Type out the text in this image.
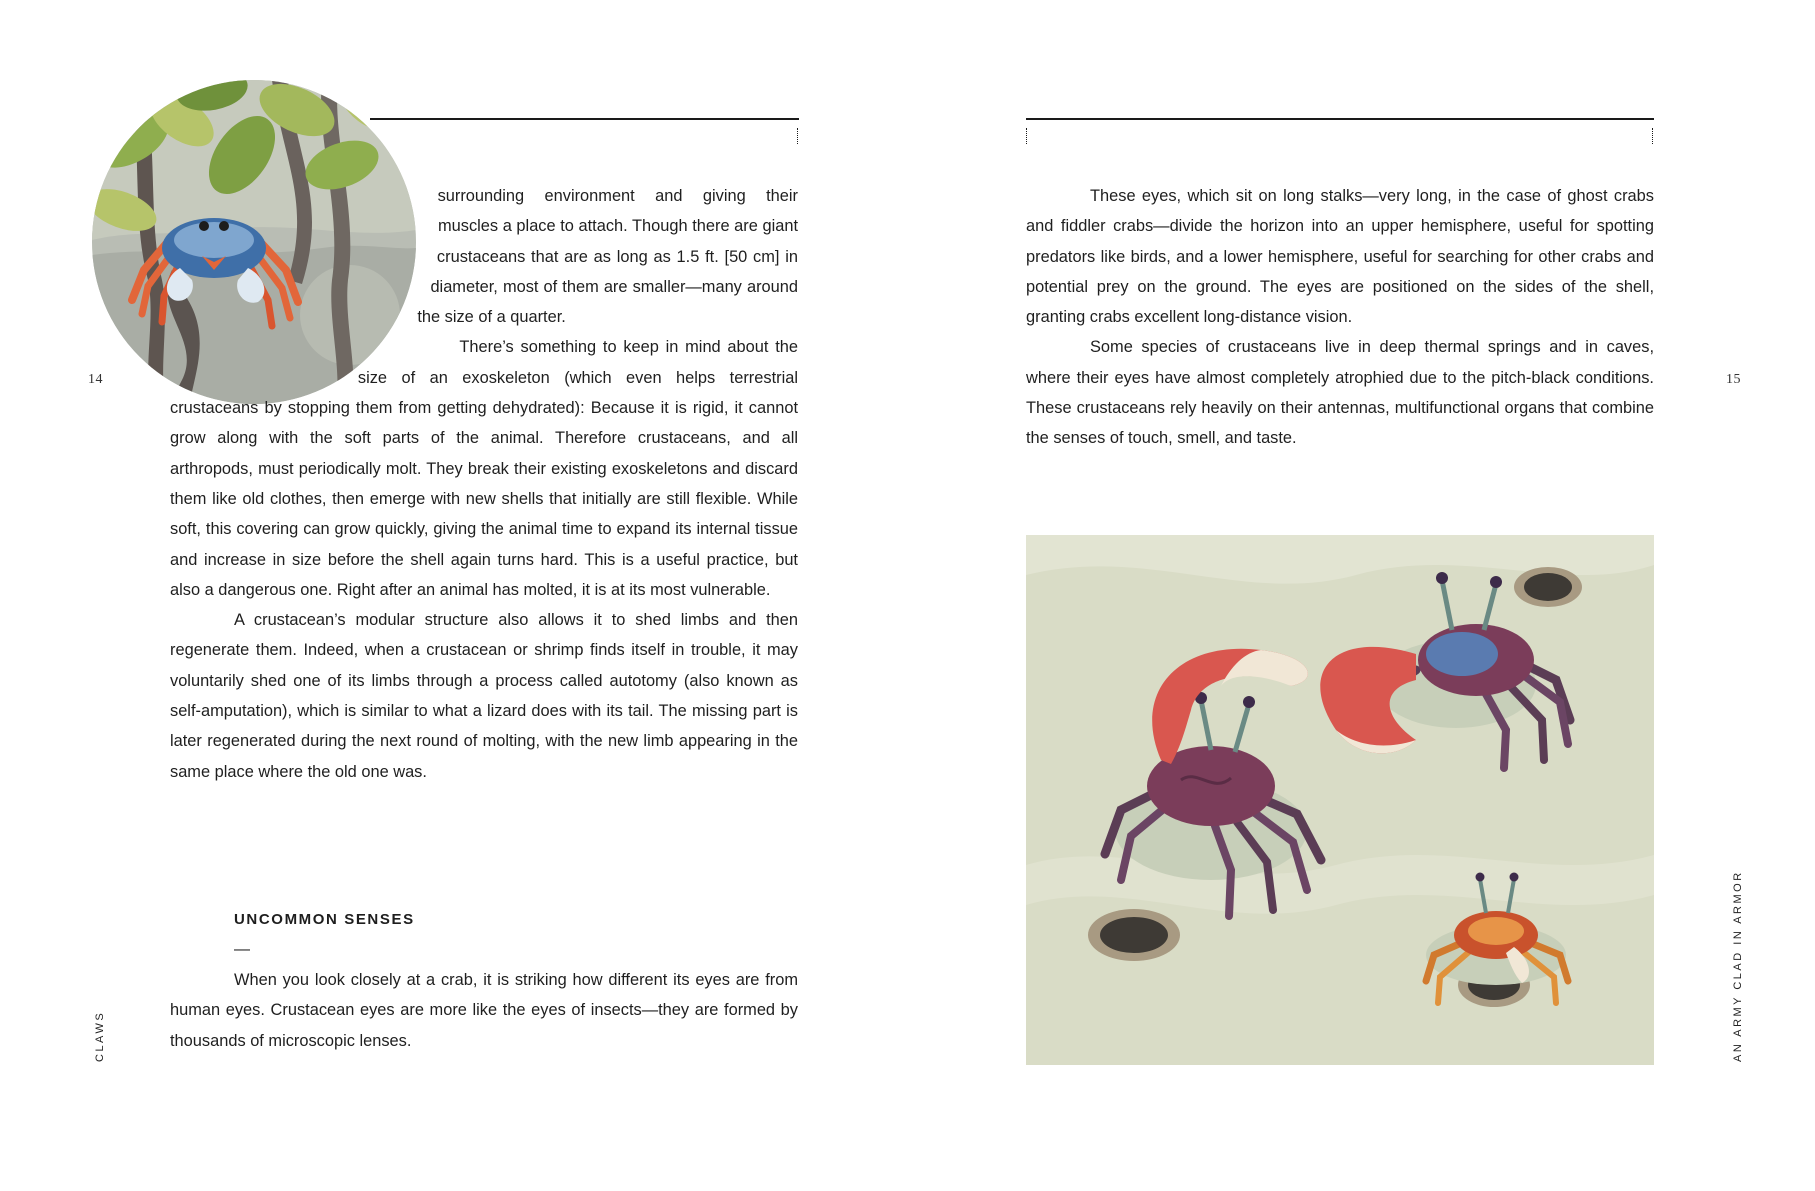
surrounding environment and giving their muscles a place to attach. Though there are giant crustaceans that are as long as 1.5 ft. [50 cm] in diameter, most of them are smaller—many around the size of a quarter.

There’s something to keep in mind about the size of an exoskeleton (which even helps terrestrial crustaceans by stopping them from getting dehydrated): Because it is rigid, it cannot grow along with the soft parts of the animal. Therefore crustaceans, and all arthropods, must periodically molt. They break their existing exoskeletons and discard them like old clothes, then emerge with new shells that initially are still flexible. While soft, this covering can grow quickly, giving the animal time to expand its internal tissue and increase in size before the shell again turns hard. This is a useful practice, but also a dangerous one. Right after an animal has molted, it is at its most vulnerable.

A crustacean’s modular structure also allows it to shed limbs and then regenerate them. Indeed, when a crustacean or shrimp finds itself in trouble, it may voluntarily shed one of its limbs through a process called autotomy (also known as self-amputation), which is similar to what a lizard does with its tail. The missing part is later regenerated during the next round of molting, with the new limb appearing in the same place where the old one was.

UNCOMMON SENSES
—

When you look closely at a crab, it is striking how different its eyes are from human eyes. Crustacean eyes are more like the eyes of insects—they are formed by thousands of microscopic lenses.

14
CLAWS

These eyes, which sit on long stalks—very long, in the case of ghost crabs and fiddler crabs—divide the horizon into an upper hemisphere, useful for spotting predators like birds, and a lower hemisphere, useful for searching for other crabs and potential prey on the ground. The eyes are positioned on the sides of the shell, granting crabs excellent long-distance vision.

Some species of crustaceans live in deep thermal springs and in caves, where their eyes have almost completely atrophied due to the pitch-black conditions. These crustaceans rely heavily on their antennas, multifunctional organs that combine the senses of touch, smell, and taste.

15
AN ARMY CLAD IN ARMOR
